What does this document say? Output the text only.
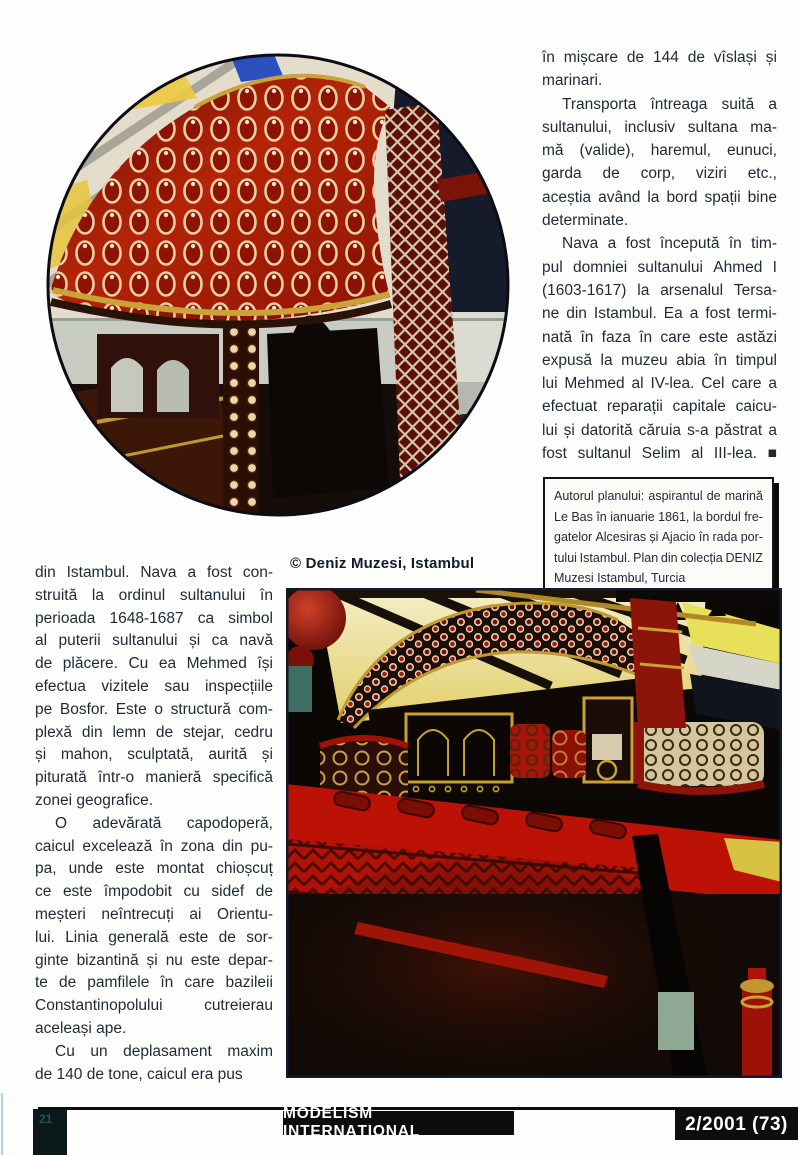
în mișcare de 144 de vîslași și
marinari.
Transporta întreaga suită a
sultanului, inclusiv sultana ma-
mă (valide), haremul, eunuci,
garda de corp, viziri etc.,
aceștia având la bord spații bine
determinate.
Nava a fost începută în tim-
pul domniei sultanului Ahmed I
(1603-1617) la arsenalul Tersa-
ne din Istambul. Ea a fost termi-
nată în faza în care este astăzi
expusă la muzeu abia în timpul
lui Mehmed al IV-lea. Cel care a
efectuat reparații capitale caicu-
lui și datorită căruia s-a păstrat a
fost sultanul Selim al III-lea. ■
Autorul planului: aspirantul de marină
Le Bas în ianuarie 1861, la bordul fre-
gatelor Alcesiras și Ajacio în rada por-
tului Istambul. Plan din colecția DENIZ
Muzesi Istambul, Turcia
© Deniz Muzesi, Istambul
din Istambul. Nava a fost con-
struită la ordinul sultanului în
perioada 1648-1687 ca simbol
al puterii sultanului și ca navă
de plăcere. Cu ea Mehmed își
efectua vizitele sau inspecțiile
pe Bosfor. Este o structură com-
plexă din lemn de stejar, cedru
și mahon, sculptată, aurită și
piturată într-o manieră specifică
zonei geografice.
O adevărată capodoperă,
caicul excelează în zona din pu-
pa, unde este montat chioșcuț
ce este împodobit cu sidef de
meșteri neîntrecuți ai Orientu-
lui. Linia generală este de sor-
ginte bizantină și nu este depar-
te de pamfilele în care bazileii
Constantinopolului	cutreierau
aceleași ape.
Cu un deplasament maxim
de 140 de tone, caicul era pus
21	MODELISM INTERNAȚIONAL	2/2001 (73)
